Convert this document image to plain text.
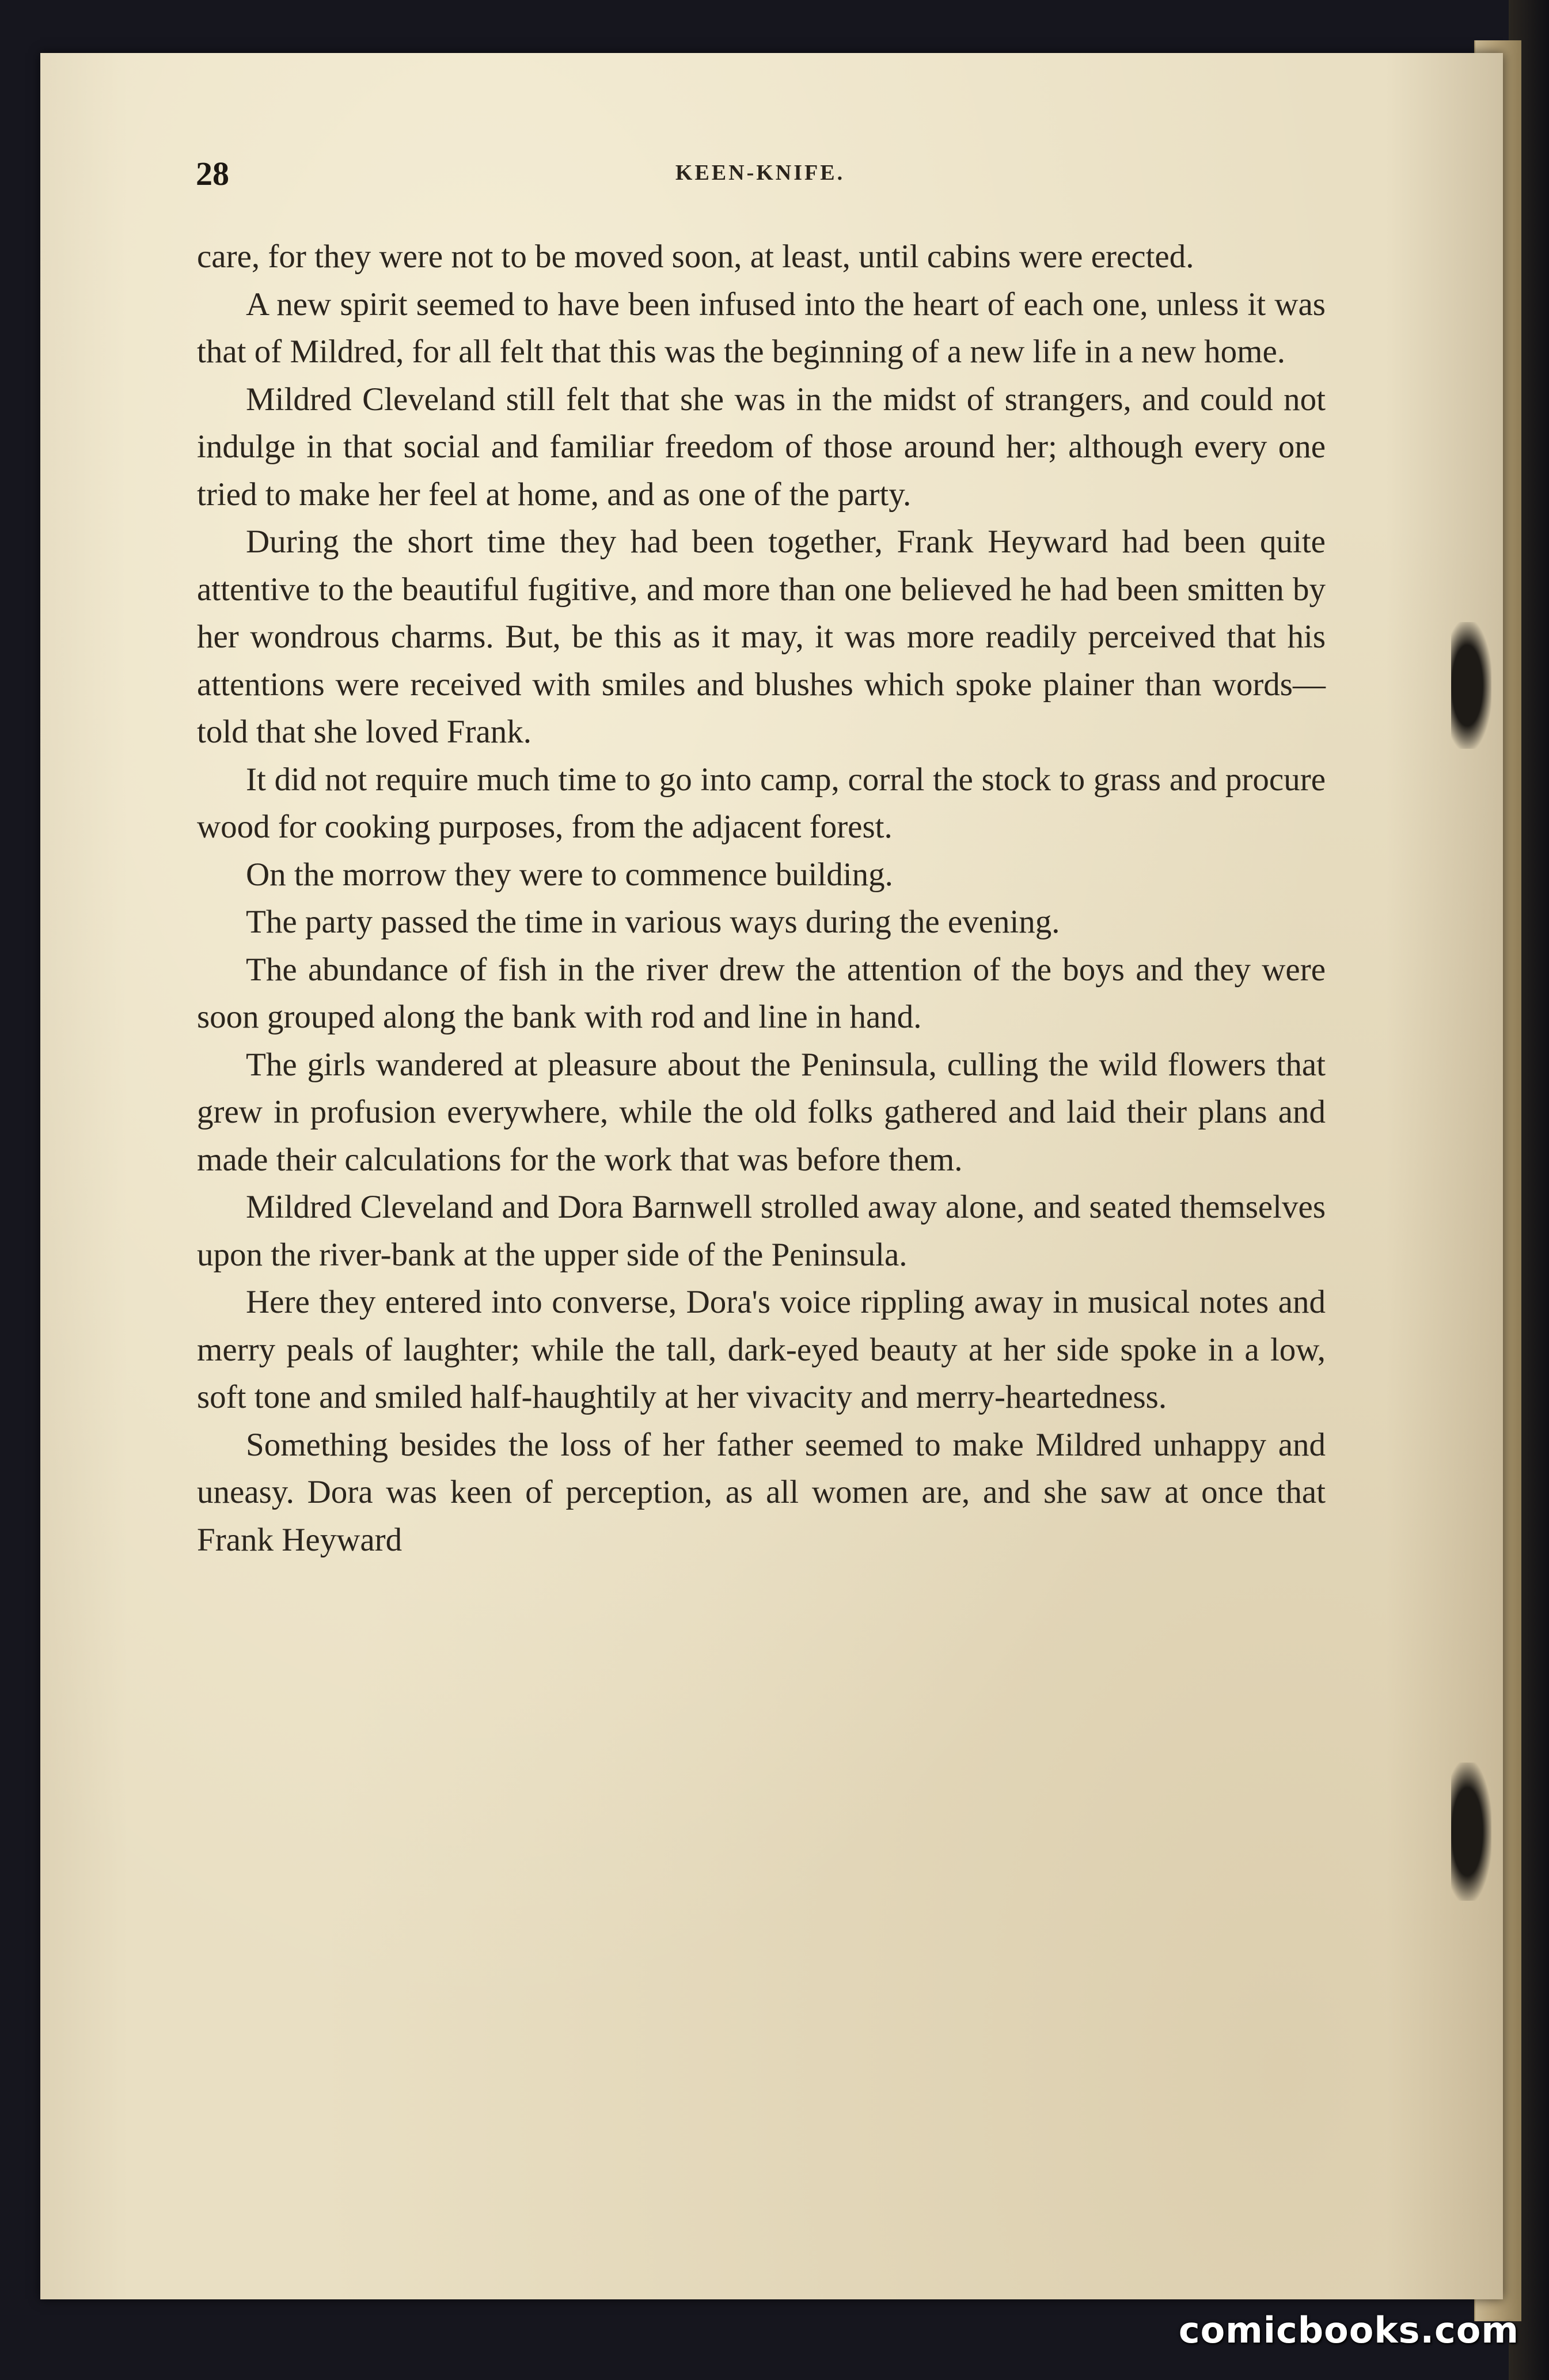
28	KEEN-KNIFE.

care, for they were not to be moved soon, at least, until cabins were erected.

A new spirit seemed to have been infused into the heart of each one, unless it was that of Mildred, for all felt that this was the beginning of a new life in a new home.

Mildred Cleveland still felt that she was in the midst of strangers, and could not indulge in that social and familiar freedom of those around her; although every one tried to make her feel at home, and as one of the party.

During the short time they had been together, Frank Heyward had been quite attentive to the beautiful fugitive, and more than one believed he had been smitten by her wondrous charms. But, be this as it may, it was more readily perceived that his attentions were received with smiles and blushes which spoke plainer than words—told that she loved Frank.

It did not require much time to go into camp, corral the stock to grass and procure wood for cooking purposes, from the adjacent forest.

On the morrow they were to commence building.

The party passed the time in various ways during the evening.

The abundance of fish in the river drew the attention of the boys and they were soon grouped along the bank with rod and line in hand.

The girls wandered at pleasure about the Peninsula, culling the wild flowers that grew in profusion everywhere, while the old folks gathered and laid their plans and made their calculations for the work that was before them.

Mildred Cleveland and Dora Barnwell strolled away alone, and seated themselves upon the river-bank at the upper side of the Peninsula.

Here they entered into converse, Dora's voice rippling away in musical notes and merry peals of laughter; while the tall, dark-eyed beauty at her side spoke in a low, soft tone and smiled half-haughtily at her vivacity and merry-heartedness.

Something besides the loss of her father seemed to make Mildred unhappy and uneasy. Dora was keen of perception, as all women are, and she saw at once that Frank Heyward

comicbooks.com
